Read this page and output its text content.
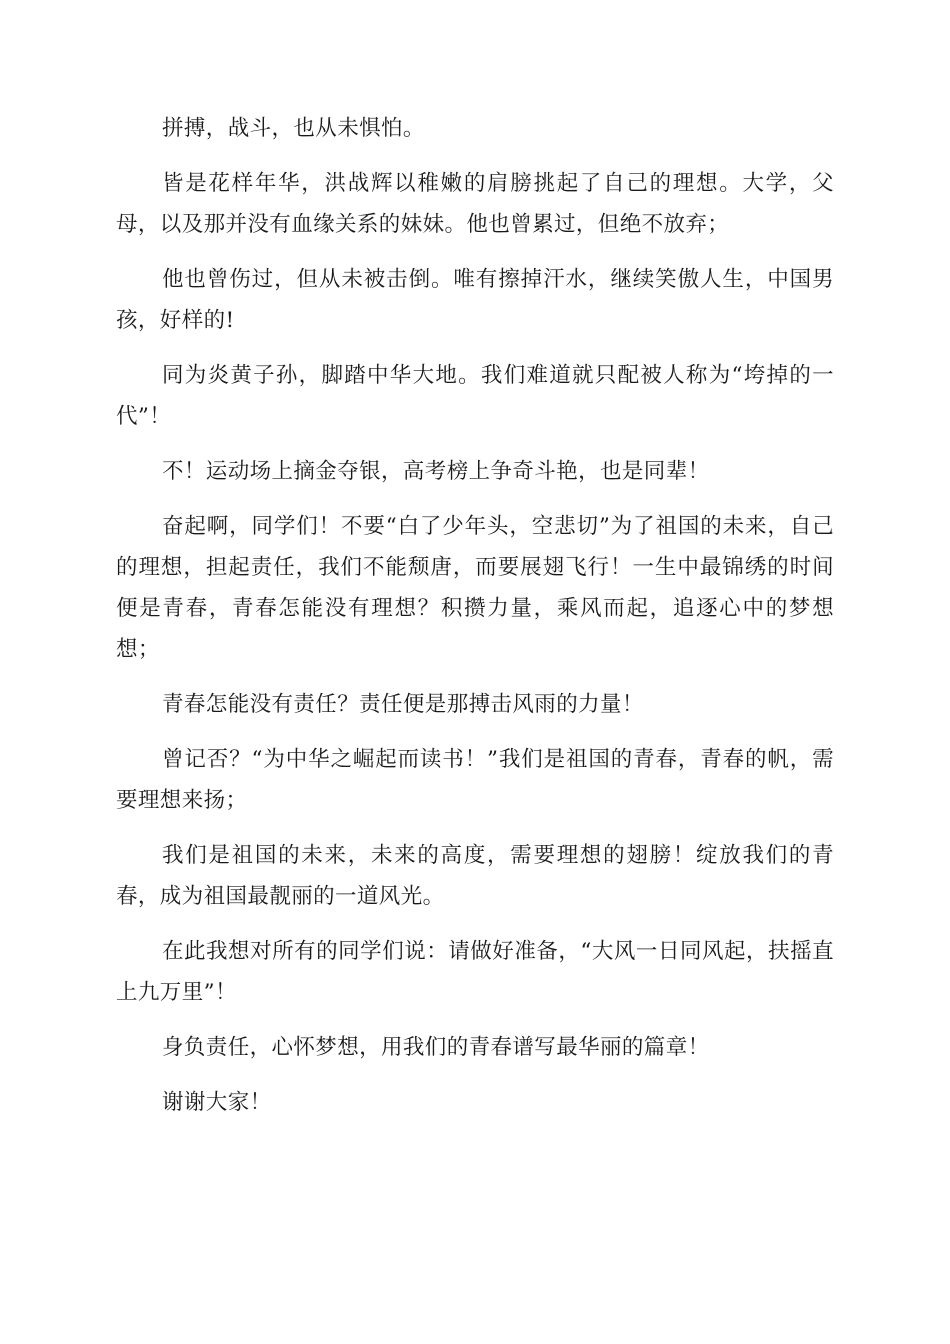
拼搏，战斗，也从未惧怕。

皆是花样年华，洪战辉以稚嫩的肩膀挑起了自己的理想。大学，父母，以及那并没有血缘关系的妹妹。他也曾累过，但绝不放弃；

他也曾伤过，但从未被击倒。唯有擦掉汗水，继续笑傲人生，中国男孩，好样的!

同为炎黄子孙，脚踏中华大地。我们难道就只配被人称为“垮掉的一代”！

不！运动场上摘金夺银，高考榜上争奇斗艳，也是同辈！

奋起啊，同学们！不要“白了少年头，空悲切”为了祖国的未来，自己的理想，担起责任，我们不能颓唐，而要展翅飞行！一生中最锦绣的时间便是青春，青春怎能没有理想？积攒力量，乘风而起，追逐心中的梦想想；

青春怎能没有责任？责任便是那搏击风雨的力量！

曾记否？“为中华之崛起而读书！”我们是祖国的青春，青春的帆，需要理想来扬；

我们是祖国的未来，未来的高度，需要理想的翅膀！绽放我们的青春，成为祖国最靓丽的一道风光。

在此我想对所有的同学们说：请做好准备，“大风一日同风起，扶摇直上九万里”！

身负责任，心怀梦想，用我们的青春谱写最华丽的篇章！

谢谢大家！
